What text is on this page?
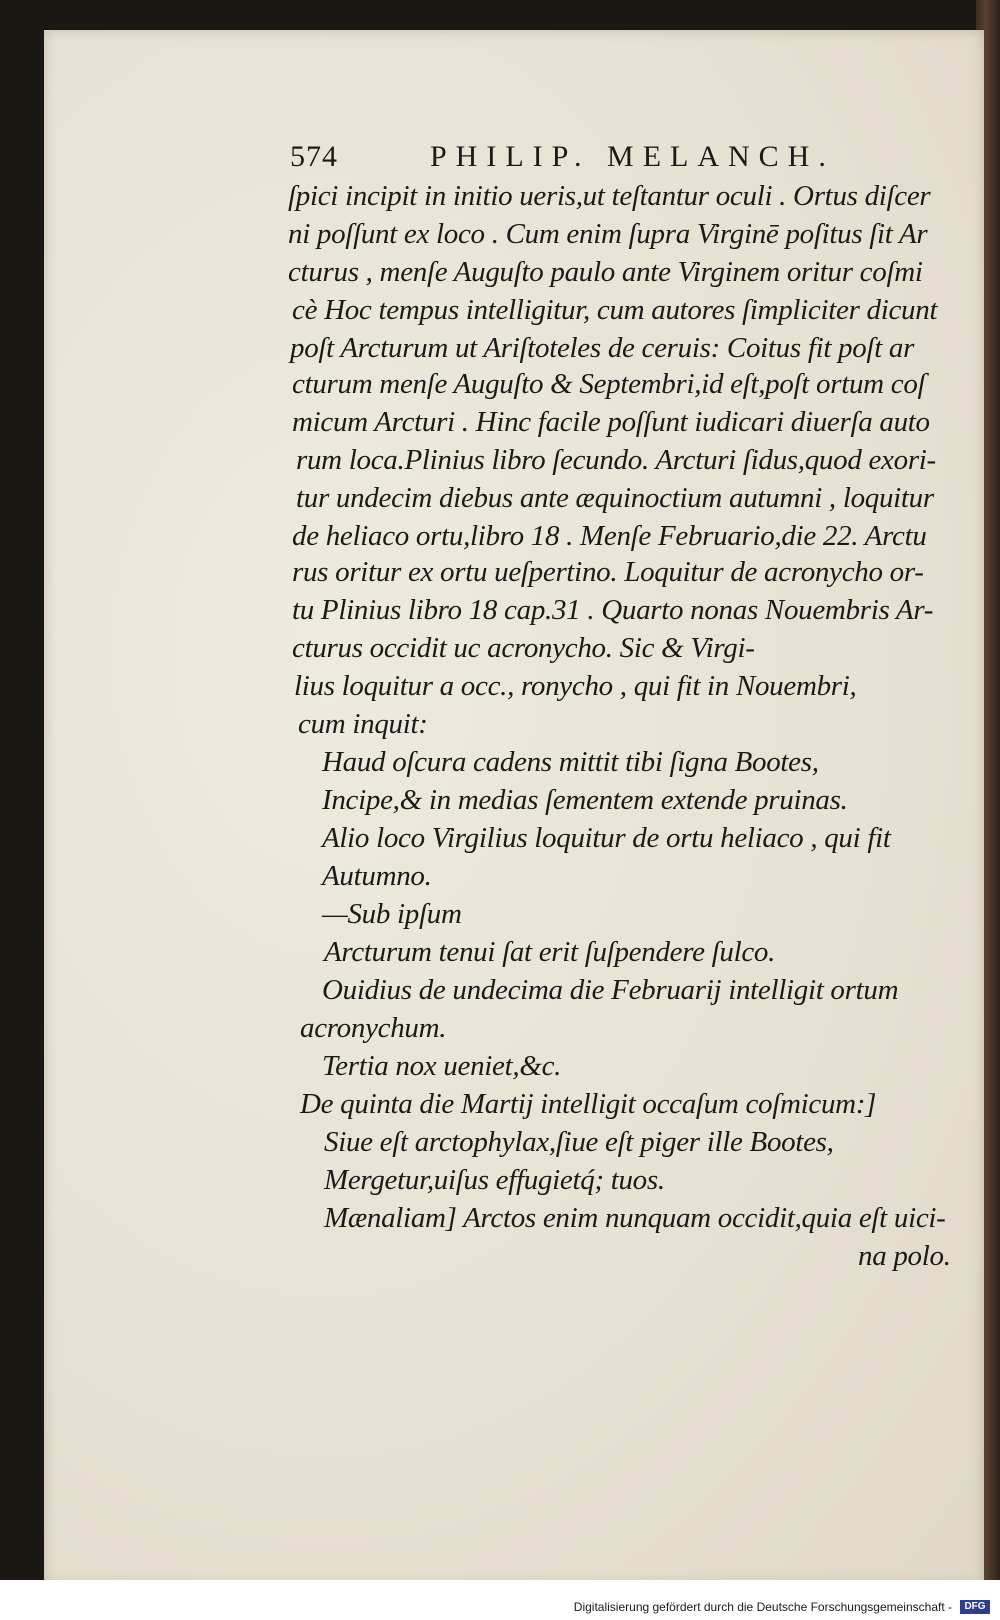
574	PHILIP. MELANCH.
ſpici incipit in initio ueris,ut teſtantur oculi . Ortus diſcer
ni poſſunt ex loco . Cum enim ſupra Virginē poſitus ſit Ar
cturus , menſe Auguſto paulo ante Virginem oritur coſmi
cè Hoc tempus intelligitur, cum autores ſimpliciter dicunt
poſt Arcturum ut Ariſtoteles de ceruis: Coitus fit poſt ar
cturum menſe Auguſto & Septembri,id eſt,poſt ortum coſ
micum Arcturi . Hinc facile poſſunt iudicari diuerſa auto
rum loca.Plinius libro ſecundo. Arcturi ſidus,quod exori-
tur undecim diebus ante æquinoctium autumni , loquitur
de heliaco ortu,libro 18 . Menſe Februario,die 22. Arctu
rus oritur ex ortu ueſpertino. Loquitur de acronycho or-
tu Plinius libro 18 cap.31 . Quarto nonas Nouembris Ar-
cturus occidit uc acronycho. Sic & Virgi-
lius loquitur a occ., ronycho , qui fit in Nouembri,
cum inquit:
Haud oſcura cadens mittit tibi ſigna Bootes,
Incipe,& in medias ſementem extende pruinas.
Alio loco Virgilius loquitur de ortu heliaco , qui fit
Autumno.
—Sub ipſum
Arcturum tenui ſat erit ſuſpendere ſulco.
Ouidius de undecima die Februarij intelligit ortum
acronychum.
Tertia nox ueniet,&c.
De quinta die Martij intelligit occaſum coſmicum:]
Siue eſt arctophylax,ſiue eſt piger ille Bootes,
Mergetur,uiſus effugietq́; tuos.
Mænaliam] Arctos enim nunquam occidit,quia eſt uici-
na polo.
Digitalisierung gefördert durch die Deutsche Forschungsgemeinschaft -	DFG
